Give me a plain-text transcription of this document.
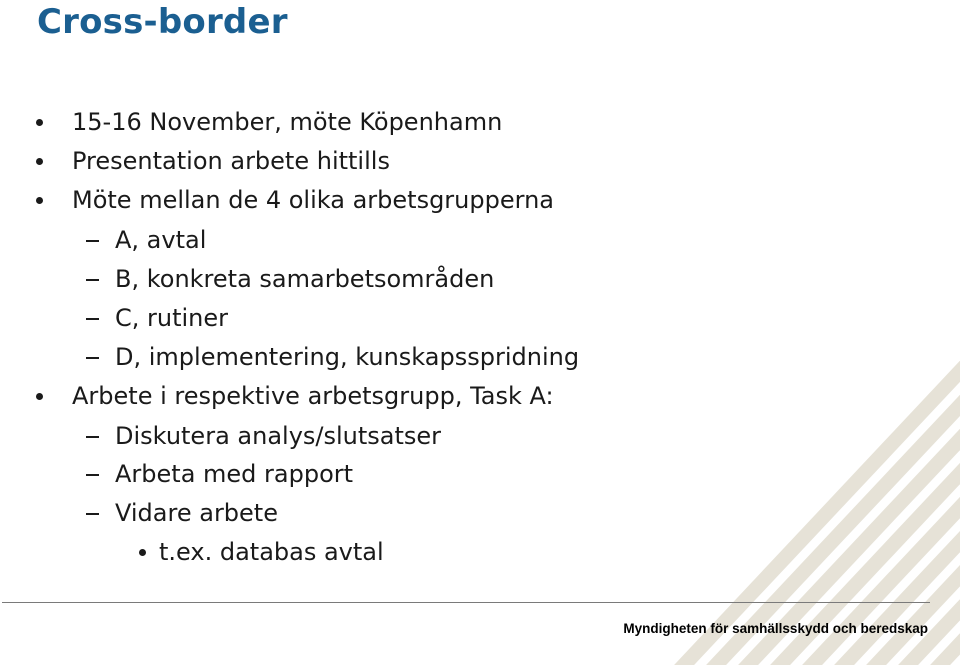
Cross-border
15-16 November, möte Köpenhamn
Presentation arbete hittills
Möte mellan de 4 olika arbetsgrupperna
A, avtal
B, konkreta samarbetsområden
C, rutiner
D, implementering, kunskapsspridning
Arbete i respektive arbetsgrupp, Task A:
Diskutera analys/slutsatser
Arbeta med rapport
Vidare arbete
t.ex. databas avtal
Myndigheten för samhällsskydd och beredskap
